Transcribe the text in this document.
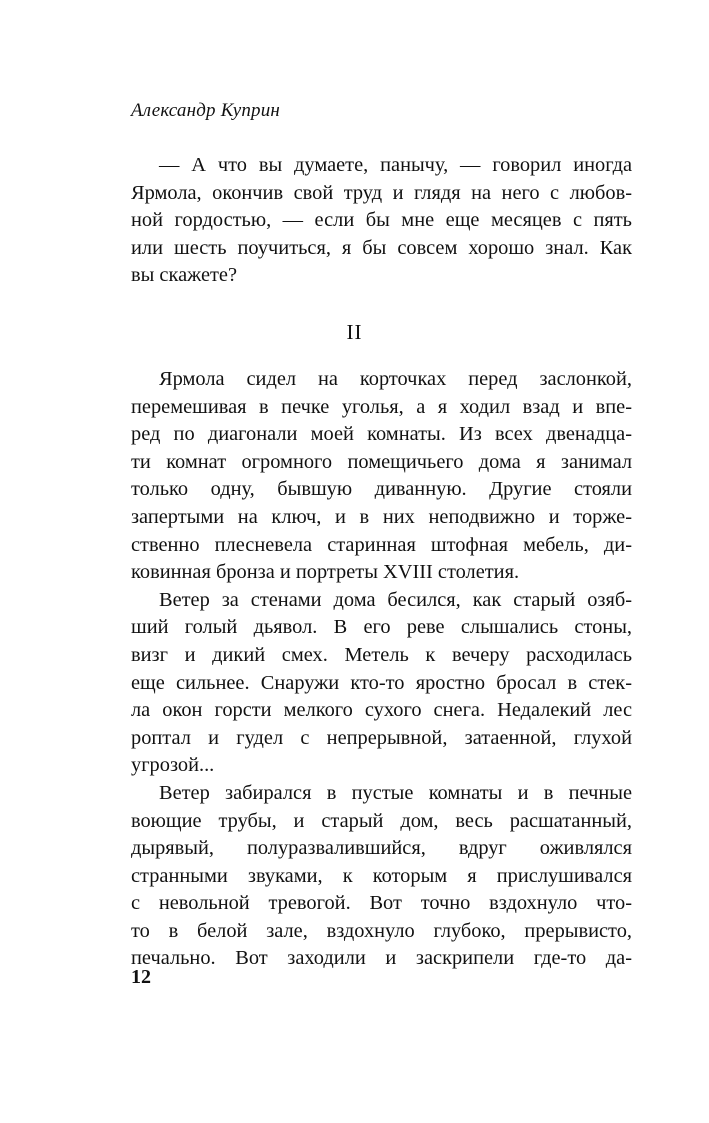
Александр Куприн
— А что вы думаете, панычу, — говорил иногда
Ярмола, окончив свой труд и глядя на него с любов-
ной гордостью, — если бы мне еще месяцев с пять
или шесть поучиться, я бы совсем хорошо знал. Как
вы скажете?
II
Ярмола сидел на корточках перед заслонкой,
перемешивая в печке уголья, а я ходил взад и впе-
ред по диагонали моей комнаты. Из всех двенадца-
ти комнат огромного помещичьего дома я занимал
только одну, бывшую диванную. Другие стояли
запертыми на ключ, и в них неподвижно и торже-
ственно плесневела старинная штофная мебель, ди-
ковинная бронза и портреты XVIII столетия.
Ветер за стенами дома бесился, как старый озяб-
ший голый дьявол. В его реве слышались стоны,
визг и дикий смех. Метель к вечеру расходилась
еще сильнее. Снаружи кто-то яростно бросал в стек-
ла окон горсти мелкого сухого снега. Недалекий лес
роптал и гудел с непрерывной, затаенной, глухой
угрозой...
Ветер забирался в пустые комнаты и в печные
воющие трубы, и старый дом, весь расшатанный,
дырявый, полуразвалившийся, вдруг оживлялся
странными звуками, к которым я прислушивался
с невольной тревогой. Вот точно вздохнуло что-
то в белой зале, вздохнуло глубоко, прерывисто,
печально. Вот заходили и заскрипели где-то да-
12
